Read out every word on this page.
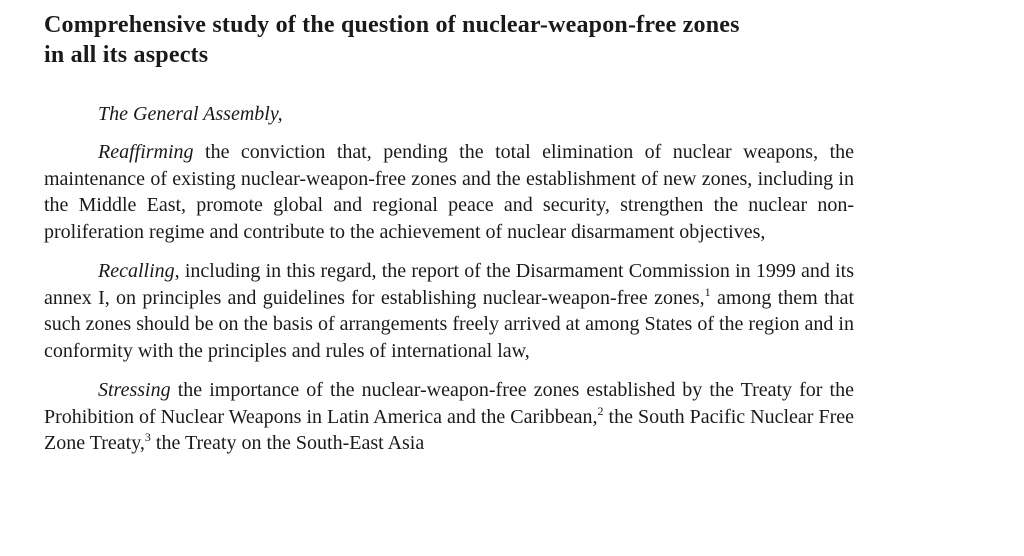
Comprehensive study of the question of nuclear-weapon-free zones
in all its aspects

The General Assembly,

Reaffirming the conviction that, pending the total elimination of nuclear weapons, the maintenance of existing nuclear-weapon-free zones and the establishment of new zones, including in the Middle East, promote global and regional peace and security, strengthen the nuclear non-proliferation regime and contribute to the achievement of nuclear disarmament objectives,

Recalling, including in this regard, the report of the Disarmament Commission in 1999 and its annex I, on principles and guidelines for establishing nuclear-weapon-free zones,$^1$ among them that such zones should be on the basis of arrangements freely arrived at among States of the region and in conformity with the principles and rules of international law,

Stressing the importance of the nuclear-weapon-free zones established by the Treaty for the Prohibition of Nuclear Weapons in Latin America and the Caribbean,$^2$ the South Pacific Nuclear Free Zone Treaty,$^3$ the Treaty on the South-East Asia
